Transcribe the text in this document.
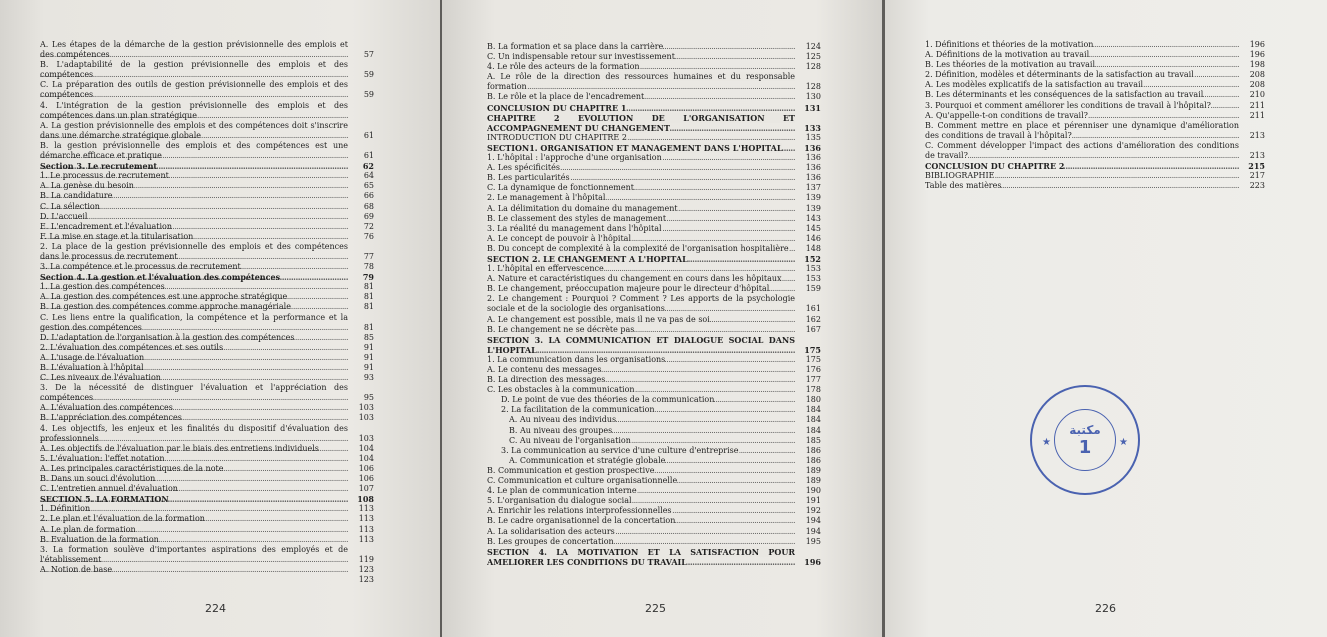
A. Les étapes de la démarche de la gestion prévisionnelle des emplois et des compétences .....	57
B. L'adaptabilité de la gestion prévisionnelle des emplois et des compétences .....	59
C. La préparation des outils de gestion prévisionnelle des emplois et des compétences .....	59
4. L'intégration de la gestion prévisionnelle des emplois et des compétences dans un plan stratégique .....
A. La gestion prévisionnelle des emplois et des compétences doit s'inscrire dans une démarche stratégique globale .....	61
B. la gestion prévisionnelle des emplois et des compétences est une démarche efficace et pratique .....	61
Section 3. Le recrutement .....	62
1. Le processus de recrutement .....	64
A. La genèse du besoin .....	65
B. La candidature .....	66
C. La sélection .....	68
D. L'accueil .....	69
E. L'encadrement et l'évaluation .....	72
F. La mise en stage et la titularisation .....	76
2. La place de la gestion prévisionnelle des emplois et des compétences dans le processus de recrutement .....	77
3. La compétence et le processus de recrutement .....	78
Section 4. La gestion et l'évaluation des compétences .....	79
1. La gestion des compétences .....	81
A. La gestion des compétences est une approche stratégique .....	81
B. La gestion des compétences comme approche managériale .....	81
C. Les liens entre la qualification, la compétence et la performance et la gestion des compétences .....	81
D. L'adaptation de l'organisation à la gestion des compétences .....	85
2. L'évaluation des compétences et ses outils .....	91
A. L'usage de l'évaluation .....	91
B. L'évaluation à l'hôpital .....	91
C. Les niveaux de l'évaluation .....	93
3. De la nécessité de distinguer l'évaluation et l'appréciation des compétences .....	95
A. L'évaluation des compétences .....	103
B. L'appréciation des compétences .....	103
4. Les objectifs, les enjeux et les finalités du dispositif d'évaluation des professionnels .....	103
A. Les objectifs de l'évaluation par le biais des entretiens individuels .....	104
5. L'évaluation: l'effet notation .....	104
A. Les principales caractéristiques de la note .....	106
B. Dans un souci d'évolution .....	106
C. L'entretien annuel d'évaluation .....	107
SECTION 5. LA FORMATION .....	108
1. Définition .....	113
2. Le plan et l'évaluation de la formation .....	113
A. Le plan de formation .....	113
B. Evaluation de la formation .....	113
3. La formation soulève d'importantes aspirations des employés et de l'établissement .....	119
A. Notion de base .....	123
123
224
B. La formation et sa place dans la carrière .....	124
C. Un indispensable retour sur investissement .....	125
4. Le rôle des acteurs de la formation .....	128
A. Le rôle de la direction des ressources humaines et du responsable formation .....	128
B. Le rôle et la place de l'encadrement .....	130
CONCLUSION DU CHAPITRE 1 .....	131
CHAPITRE 2 EVOLUTION DE L'ORGANISATION ET ACCOMPAGNEMENT DU CHANGEMENT .....	133
INTRODUCTION DU CHAPITRE 2 .....	135
SECTION1. ORGANISATION ET MANAGEMENT DANS L'HOPITAL .....	136
1. L'hôpital : l'approche d'une organisation .....	136
A. Les spécificités .....	136
B. Les particularités .....	136
C. La dynamique de fonctionnement .....	137
2. Le management à l'hôpital .....	139
A. La délimitation du domaine du management .....	139
B. Le classement des styles de management .....	143
3. La réalité du management dans l'hôpital .....	145
A. Le concept de pouvoir à l'hôpital .....	146
B. Du concept de complexité à la complexité de l'organisation hospitalière .....	148
SECTION 2. LE CHANGEMENT A L'HOPITAL .....	152
1. L'hôpital en effervescence .....	153
A. Nature et caractéristiques du changement en cours dans les hôpitaux .....	153
B. Le changement, préoccupation majeure pour le directeur d'hôpital .....	159
2. Le changement : Pourquoi ? Comment ? Les apports de la psychologie sociale et de la sociologie des organisations .....	161
A. Le changement est possible, mais il ne va pas de soi .....	162
B. Le changement ne se décrète pas .....	167
SECTION 3. LA COMMUNICATION ET DIALOGUE SOCIAL DANS L'HOPITAL .....	175
1. La communication dans les organisations .....	175
A. Le contenu des messages .....	176
B. La direction des messages .....	177
C. Les obstacles à la communication .....	178
D. Le point de vue des théories de la communication .....	180
2. La facilitation de la communication .....	184
A. Au niveau des individus .....	184
B. Au niveau des groupes .....	184
C. Au niveau de l'organisation .....	185
3. La communication au service d'une culture d'entreprise .....	186
A. Communication et stratégie globale .....	186
B. Communication et gestion prospective .....	189
C. Communication et culture organisationnelle .....	189
4. Le plan de communication interne .....	190
5. L'organisation du dialogue social .....	191
A. Enrichir les relations interprofessionnelles .....	192
B. Le cadre organisationnel de la concertation .....	194
A. La solidarisation des acteurs .....	194
B. Les groupes de concertation .....	195
SECTION 4. LA MOTIVATION ET LA SATISFACTION POUR AMELIORER LES CONDITIONS DU TRAVAIL .....	196
225
1. Définitions et théories de la motivation .....	196
A. Définitions de la motivation au travail .....	196
B. Les théories de la motivation au travail .....	198
2. Définition, modèles et déterminants de la satisfaction au travail .....	208
A. Les modèles explicatifs de la satisfaction au travail .....	208
B. Les déterminants et les conséquences de la satisfaction au travail .....	210
3. Pourquoi et comment améliorer les conditions de travail à l'hôpital? .....	211
A. Qu'appelle-t-on conditions de travail? .....	211
B. Comment mettre en place et pérenniser une dynamique d'amélioration des conditions de travail à l'hôpital? .....	213
C. Comment développer l'impact des actions d'amélioration des conditions de travail? .....	213
CONCLUSION DU CHAPITRE 2 .....	215
BIBLIOGRAPHIE .....	217
Table des matières .....	223
★	★
مكتبة
1
226
